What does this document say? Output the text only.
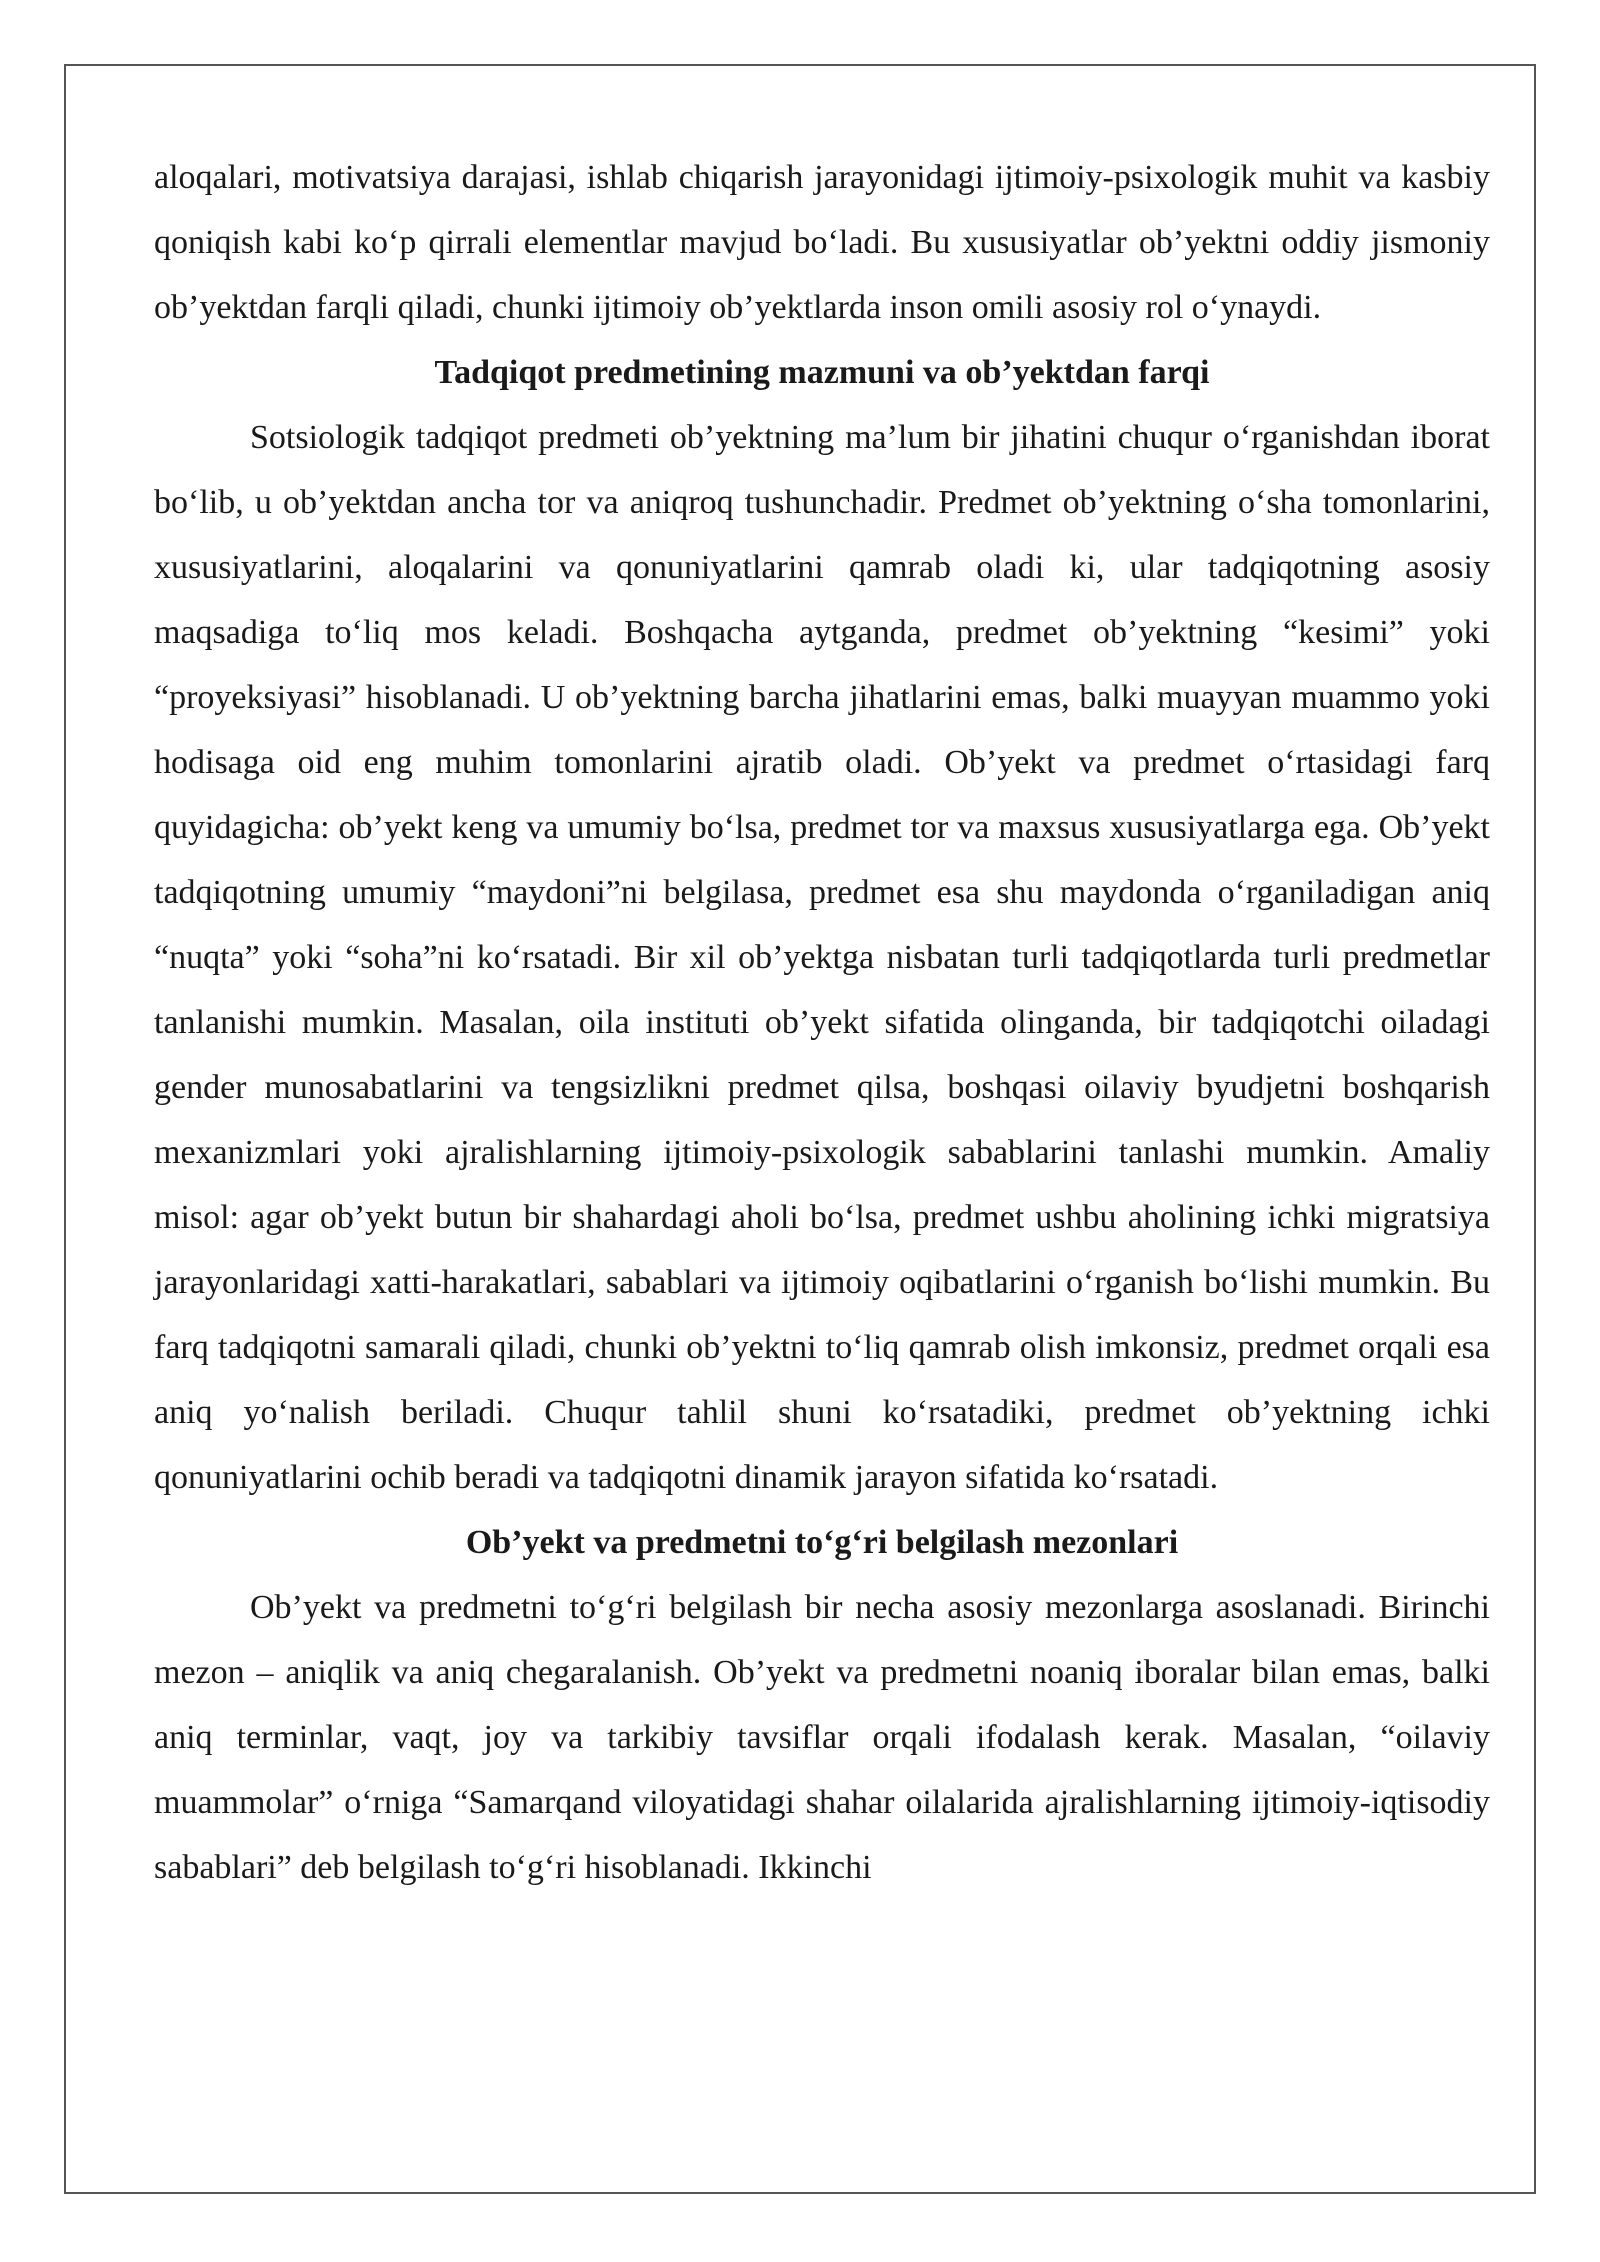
aloqalari, motivatsiya darajasi, ishlab chiqarish jarayonidagi ijtimoiy-psixologik muhit va kasbiy qoniqish kabi ko‘p qirrali elementlar mavjud bo‘ladi. Bu xususiyatlar ob’yektni oddiy jismoniy ob’yektdan farqli qiladi, chunki ijtimoiy ob’yektlarda inson omili asosiy rol o‘ynaydi.

Tadqiqot predmetining mazmuni va ob’yektdan farqi

Sotsiologik tadqiqot predmeti ob’yektning ma’lum bir jihatini chuqur o‘rganishdan iborat bo‘lib, u ob’yektdan ancha tor va aniqroq tushunchadir. Predmet ob’yektning o‘sha tomonlarini, xususiyatlarini, aloqalarini va qonuniyatlarini qamrab oladi ki, ular tadqiqotning asosiy maqsadiga to‘liq mos keladi. Boshqacha aytganda, predmet ob’yektning “kesimi” yoki “proyeksiyasi” hisoblanadi. U ob’yektning barcha jihatlarini emas, balki muayyan muammo yoki hodisaga oid eng muhim tomonlarini ajratib oladi. Ob’yekt va predmet o‘rtasidagi farq quyidagicha: ob’yekt keng va umumiy bo‘lsa, predmet tor va maxsus xususiyatlarga ega. Ob’yekt tadqiqotning umumiy “maydoni”ni belgilasa, predmet esa shu maydonda o‘rganiladigan aniq “nuqta” yoki “soha”ni ko‘rsatadi. Bir xil ob’yektga nisbatan turli tadqiqotlarda turli predmetlar tanlanishi mumkin. Masalan, oila instituti ob’yekt sifatida olinganda, bir tadqiqotchi oiladagi gender munosabatlarini va tengsizlikni predmet qilsa, boshqasi oilaviy byudjetni boshqarish mexanizmlari yoki ajralishlarning ijtimoiy-psixologik sabablarini tanlashi mumkin. Amaliy misol: agar ob’yekt butun bir shahardagi aholi bo‘lsa, predmet ushbu aholining ichki migratsiya jarayonlaridagi xatti-harakatlari, sabablari va ijtimoiy oqibatlarini o‘rganish bo‘lishi mumkin. Bu farq tadqiqotni samarali qiladi, chunki ob’yektni to‘liq qamrab olish imkonsiz, predmet orqali esa aniq yo‘nalish beriladi. Chuqur tahlil shuni ko‘rsatadiki, predmet ob’yektning ichki qonuniyatlarini ochib beradi va tadqiqotni dinamik jarayon sifatida ko‘rsatadi.

Ob’yekt va predmetni to‘g‘ri belgilash mezonlari

Ob’yekt va predmetni to‘g‘ri belgilash bir necha asosiy mezonlarga asoslanadi. Birinchi mezon – aniqlik va aniq chegaralanish. Ob’yekt va predmetni noaniq iboralar bilan emas, balki aniq terminlar, vaqt, joy va tarkibiy tavsiflar orqali ifodalash kerak. Masalan, “oilaviy muammolar” o‘rniga “Samarqand viloyatidagi shahar oilalarida ajralishlarning ijtimoiy-iqtisodiy sabablari” deb belgilash to‘g‘ri hisoblanadi. Ikkinchi
